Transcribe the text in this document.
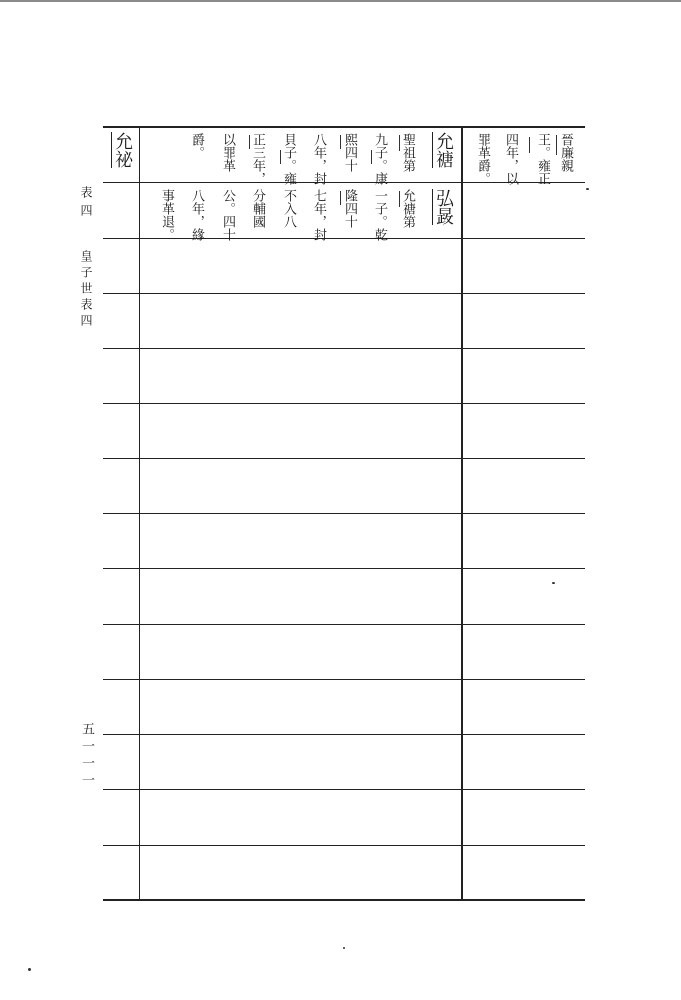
表四
皇子世表四
五一一一
晉廉親
王。雍正
四年，以
罪革爵。
允禟
聖祖第
九子。康
熙四十
八年，封
貝子。雍
正三年，
以罪革
爵。
允祕
弘晸
允禟第
一子。乾
隆四十
七年，封
不入八
分輔國
公。四十
八年，緣
事革退。
